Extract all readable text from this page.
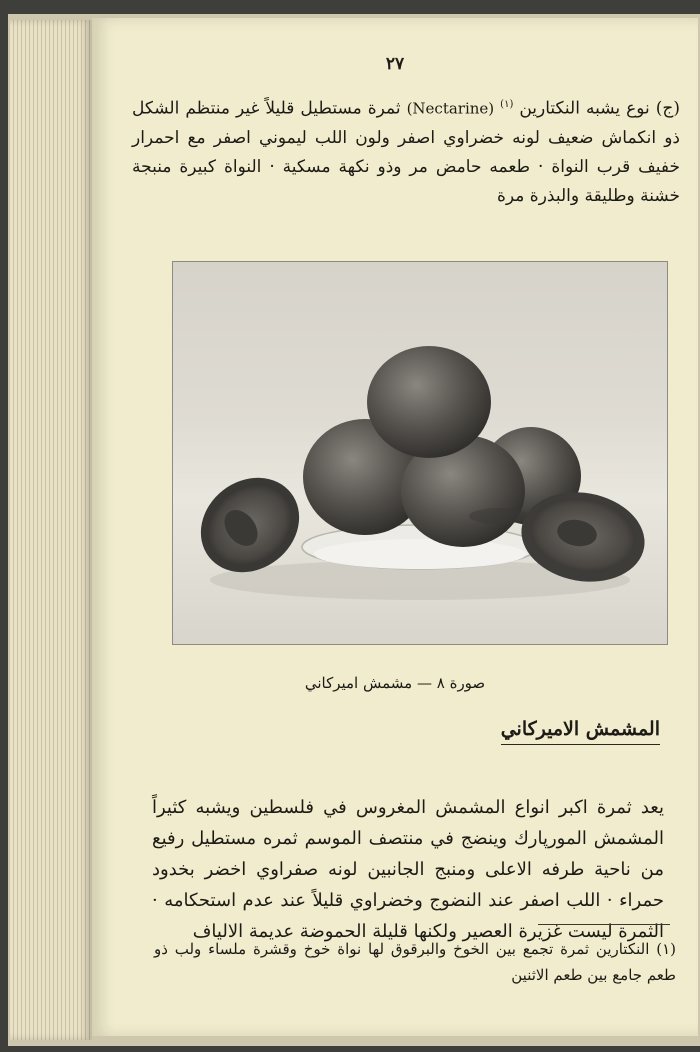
٢٧

(ج) نوع يشبه النكتارين $^{(١)}$ (Nectarine) ثمرة مستطيل قليلاً غير منتظم الشكل ذو انكماش ضعيف لونه خضراوي اصفر ولون اللب ليموني اصفر مع احمرار خفيف قرب النواة · طعمه حامض مر وذو نكهة مسكية · النواة كبيرة منبجة خشنة وطليقة والبذرة مرة

صورة ٨ — مشمش اميركاني
المشمش الاميركاني

يعد ثمرة اكبر انواع المشمش المغروس في فلسطين ويشبه كثيراً المشمش المورپارك وينضج في منتصف الموسم ثمره مستطيل رفيع من ناحية طرفه الاعلى ومنبج الجانبين لونه صفراوي اخضر بخدود حمراء · اللب اصفر عند النضوج وخضراوي قليلاً عند عدم استحكامه · الثمرة ليست غزيرة العصير ولكنها قليلة الحموضة عديمة الالياف

(١) النكتارين ثمرة تجمع بين الخوخ والبرقوق لها نواة خوخ وقشرة ملساء ولب ذو طعم جامع بين طعم الاثنين
